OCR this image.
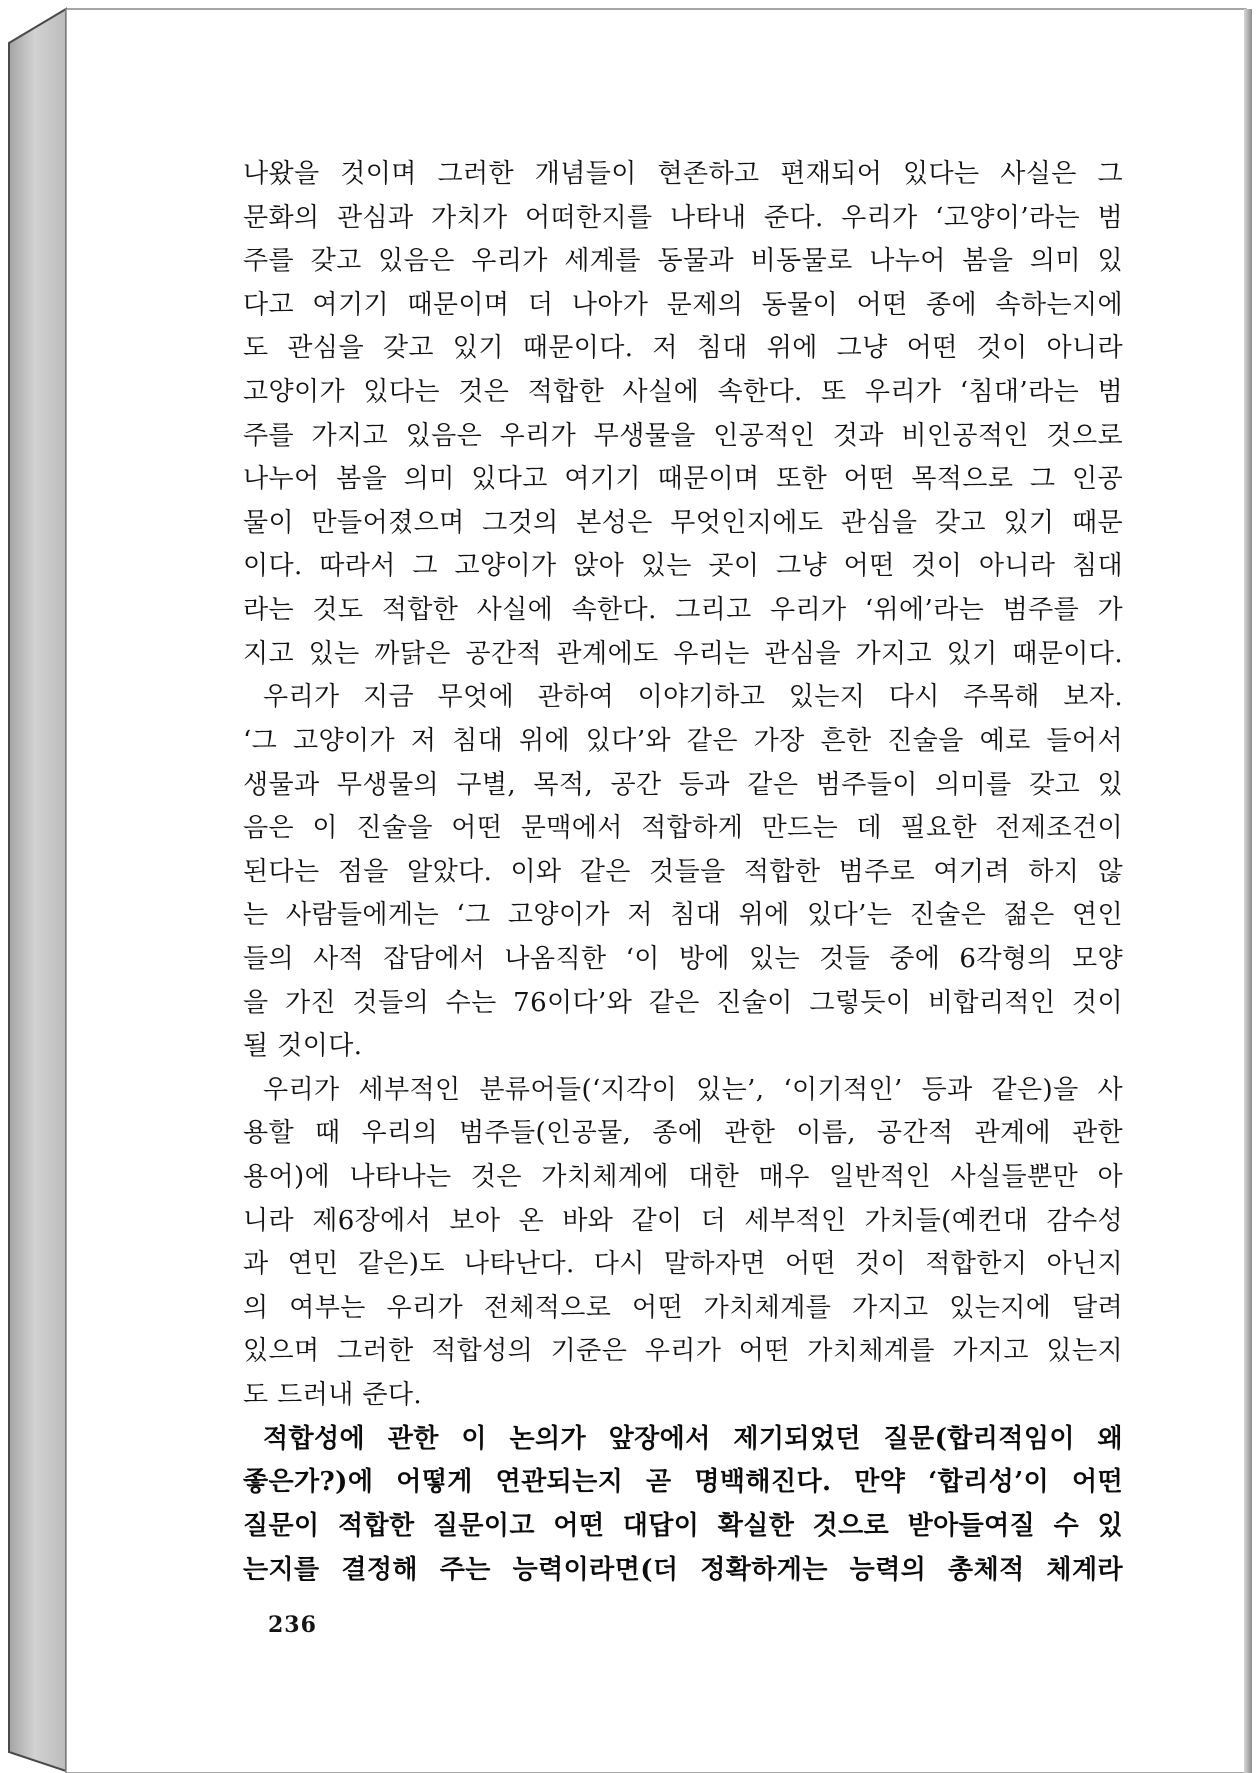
나왔을 것이며 그러한 개념들이 현존하고 편재되어 있다는 사실은 그
문화의 관심과 가치가 어떠한지를 나타내 준다. 우리가 ‘고양이’라는 범
주를 갖고 있음은 우리가 세계를 동물과 비동물로 나누어 봄을 의미 있
다고 여기기 때문이며 더 나아가 문제의 동물이 어떤 종에 속하는지에
도 관심을 갖고 있기 때문이다. 저 침대 위에 그냥 어떤 것이 아니라
고양이가 있다는 것은 적합한 사실에 속한다. 또 우리가 ‘침대’라는 범
주를 가지고 있음은 우리가 무생물을 인공적인 것과 비인공적인 것으로
나누어 봄을 의미 있다고 여기기 때문이며 또한 어떤 목적으로 그 인공
물이 만들어졌으며 그것의 본성은 무엇인지에도 관심을 갖고 있기 때문
이다. 따라서 그 고양이가 앉아 있는 곳이 그냥 어떤 것이 아니라 침대
라는 것도 적합한 사실에 속한다. 그리고 우리가 ‘위에’라는 범주를 가
지고 있는 까닭은 공간적 관계에도 우리는 관심을 가지고 있기 때문이다.
우리가 지금 무엇에 관하여 이야기하고 있는지 다시 주목해 보자.
‘그 고양이가 저 침대 위에 있다’와 같은 가장 흔한 진술을 예로 들어서
생물과 무생물의 구별, 목적, 공간 등과 같은 범주들이 의미를 갖고 있
음은 이 진술을 어떤 문맥에서 적합하게 만드는 데 필요한 전제조건이
된다는 점을 알았다. 이와 같은 것들을 적합한 범주로 여기려 하지 않
는 사람들에게는 ‘그 고양이가 저 침대 위에 있다’는 진술은 젊은 연인
들의 사적 잡담에서 나옴직한 ‘이 방에 있는 것들 중에 6각형의 모양
을 가진 것들의 수는 76이다’와 같은 진술이 그렇듯이 비합리적인 것이
될 것이다.
우리가 세부적인 분류어들(‘지각이 있는’, ‘이기적인’ 등과 같은)을 사
용할 때 우리의 범주들(인공물, 종에 관한 이름, 공간적 관계에 관한
용어)에 나타나는 것은 가치체계에 대한 매우 일반적인 사실들뿐만 아
니라 제6장에서 보아 온 바와 같이 더 세부적인 가치들(예컨대 감수성
과 연민 같은)도 나타난다. 다시 말하자면 어떤 것이 적합한지 아닌지
의 여부는 우리가 전체적으로 어떤 가치체계를 가지고 있는지에 달려
있으며 그러한 적합성의 기준은 우리가 어떤 가치체계를 가지고 있는지
도 드러내 준다.
적합성에 관한 이 논의가 앞장에서 제기되었던 질문(합리적임이 왜
좋은가?)에 어떻게 연관되는지 곧 명백해진다. 만약 ‘합리성’이 어떤
질문이 적합한 질문이고 어떤 대답이 확실한 것으로 받아들여질 수 있
는지를 결정해 주는 능력이라면(더 정확하게는 능력의 총체적 체계라
236
